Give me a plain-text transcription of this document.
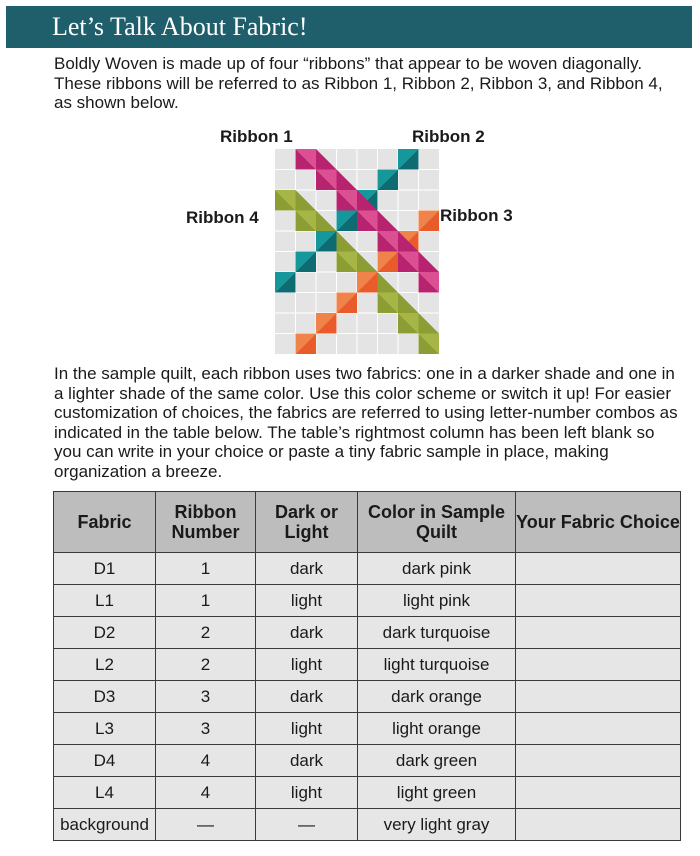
Let’s Talk About Fabric!

Boldly Woven is made up of four “ribbons” that appear to be woven diagonally. These ribbons will be referred to as Ribbon 1, Ribbon 2, Ribbon 3, and Ribbon 4, as shown below.

Ribbon 1	Ribbon 2
Ribbon 3
Ribbon 4

In the sample quilt, each ribbon uses two fabrics: one in a darker shade and one in a lighter shade of the same color. Use this color scheme or switch it up! For easier customization of choices, the fabrics are referred to using letter-number combos as indicated in the table below. The table’s rightmost column has been left blank so you can write in your choice or paste a tiny fabric sample in place, making organization a breeze.

Fabric	Ribbon Number	Dark or Light	Color in Sample Quilt	Your Fabric Choice
D1	1	dark	dark pink	
L1	1	light	light pink	
D2	2	dark	dark turquoise	
L2	2	light	light turquoise	
D3	3	dark	dark orange	
L3	3	light	light orange	
D4	4	dark	dark green	
L4	4	light	light green	
background	—	—	very light gray	
